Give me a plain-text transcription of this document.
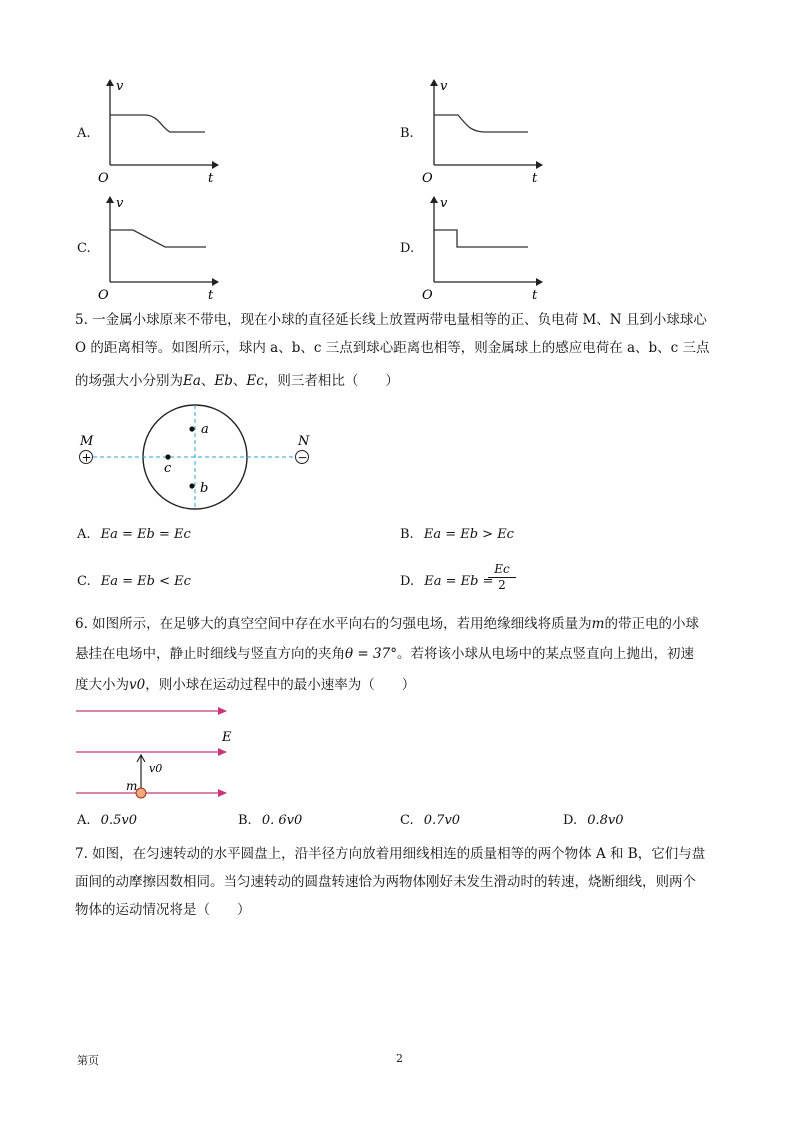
A.	B.
C.	D.
v
O	t
v
O	t
v
O	t
v
O	t
5. 一金属小球原来不带电，现在小球的直径延长线上放置两带电量相等的正、负电荷 M、N 且到小球球心
O 的距离相等。如图所示，球内 a、b、c 三点到球心距离也相等，则金属球上的感应电荷在 a、b、c 三点
的场强大小分别为Ea、Eb、Ec，则三者相比（　　）
+	−
M	N
a
b
c
A. Ea = Eb = Ec	B. Ea = Eb > Ec
C. Ea = Eb < Ec	D. Ea = Eb =
$\frac{Ec}{2}$
6. 如图所示，在足够大的真空空间中存在水平向右的匀强电场，若用绝缘细线将质量为m的带正电的小球
悬挂在电场中，静止时细线与竖直方向的夹角θ = 37°。若将该小球从电场中的某点竖直向上抛出，初速
度大小为v0，则小球在运动过程中的最小速率为（　　）
E
v0
m
A. 0.5v0	B. 0. 6v0	C. 0.7v0	D. 0.8v0
7. 如图，在匀速转动的水平圆盘上，沿半径方向放着用细线相连的质量相等的两个物体 A 和 B，它们与盘
面间的动摩擦因数相同。当匀速转动的圆盘转速恰为两物体刚好未发生滑动时的转速，烧断细线，则两个
物体的运动情况将是（　　）
第页	2
